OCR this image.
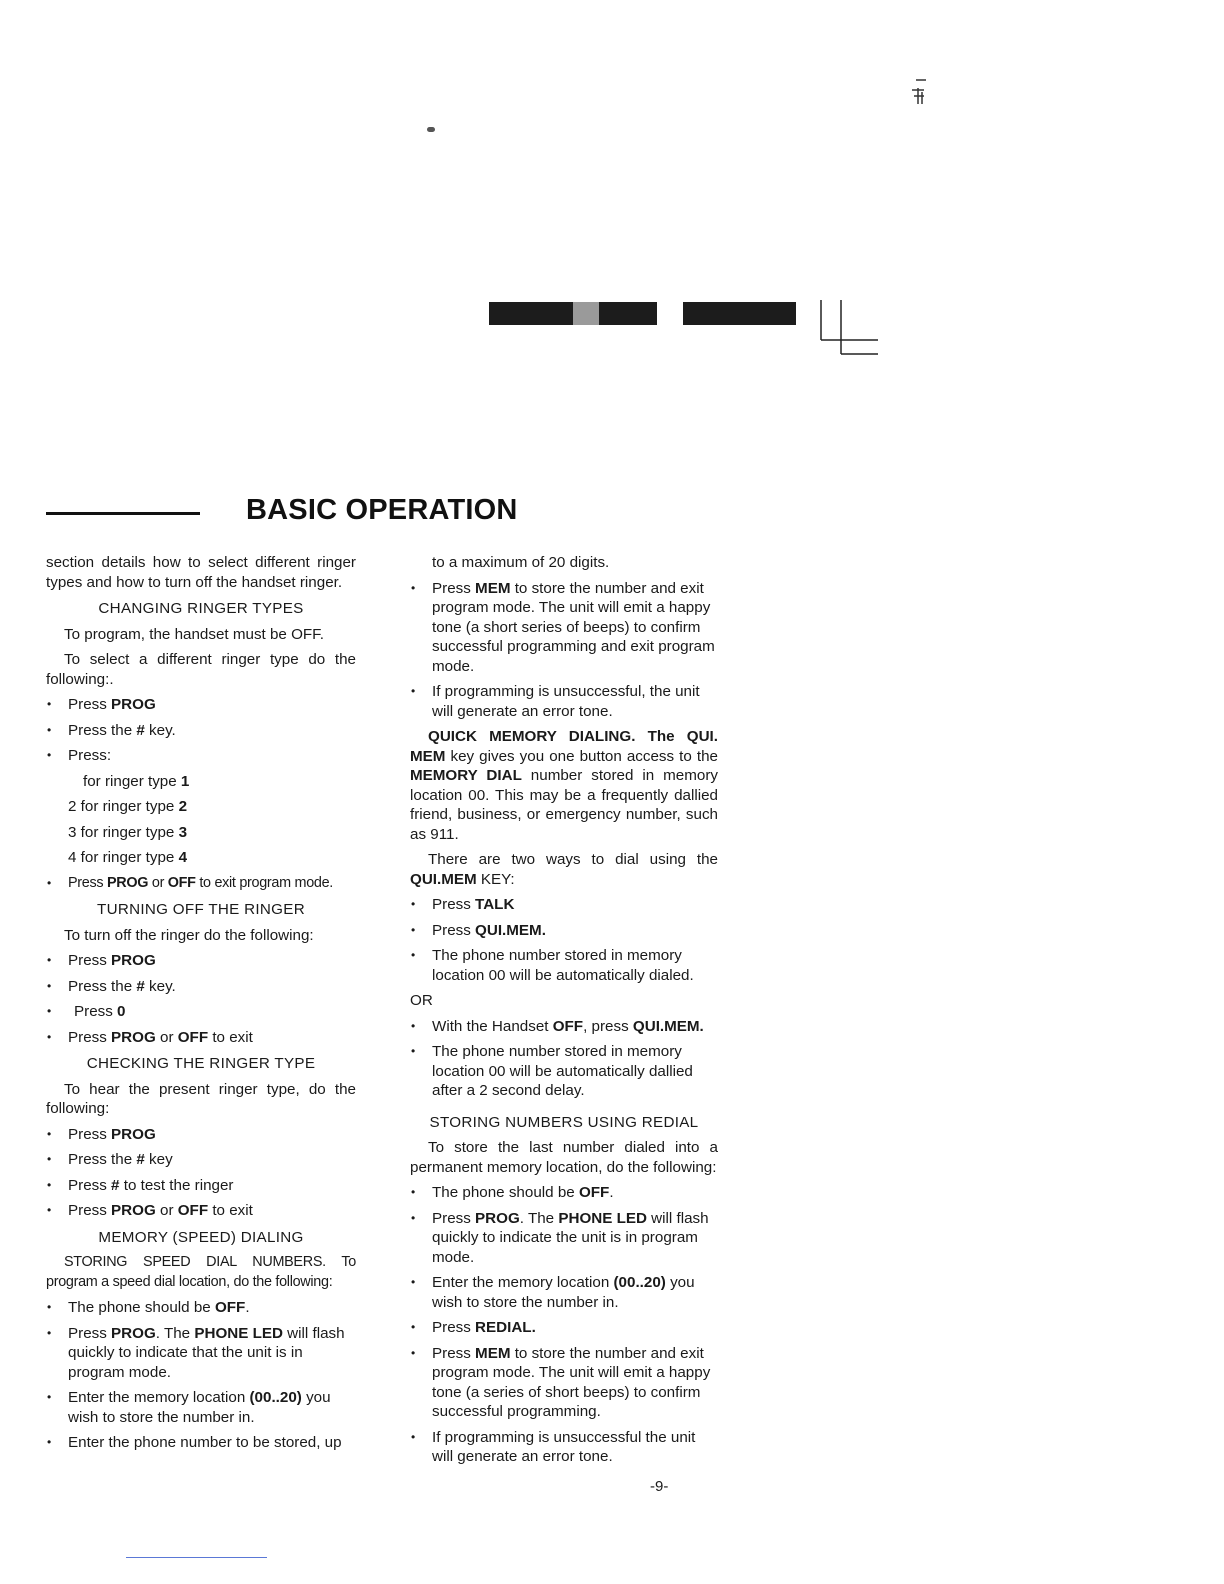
BASIC OPERATION

section details how to select different ringer types and how to turn off the handset ringer.

CHANGING RINGER TYPES

To program, the handset must be OFF.

To select a different ringer type do the following:.

• Press PROG

• Press the # key.

• Press:

for ringer type 1

2 for ringer type 2

3 for ringer type 3

4 for ringer type 4

• Press PROG or OFF to exit program mode.

TURNING OFF THE RINGER

To turn off the ringer do the following:

• Press PROG

• Press the # key.

• Press 0

• Press PROG or OFF to exit

CHECKING THE RINGER TYPE

To hear the present ringer type, do the following:

• Press PROG

• Press the # key

• Press # to test the ringer

• Press PROG or OFF to exit

MEMORY (SPEED) DIALING

STORING SPEED DIAL NUMBERS. To program a speed dial location, do the following:

• The phone should be OFF.

• Press PROG. The PHONE LED will flash quickly to indicate that the unit is in program mode.

• Enter the memory location (00..20) you wish to store the number in.

• Enter the phone number to be stored, up

to a maximum of 20 digits.

• Press MEM to store the number and exit program mode. The unit will emit a happy tone (a short series of beeps) to confirm successful programming and exit program mode.

• If programming is unsuccessful, the unit will generate an error tone.

QUICK MEMORY DIALING. The QUI. MEM key gives you one button access to the MEMORY DIAL number stored in memory location 00. This may be a frequently dallied friend, business, or emergency number, such as 911.

There are two ways to dial using the QUI.MEM KEY:

• Press TALK

• Press QUI.MEM.

• The phone number stored in memory location 00 will be automatically dialed.

OR

• With the Handset OFF, press QUI.MEM.

• The phone number stored in memory location 00 will be automatically dallied after a 2 second delay.

STORING NUMBERS USING REDIAL

To store the last number dialed into a permanent memory location, do the following:

• The phone should be OFF.

• Press PROG. The PHONE LED will flash quickly to indicate the unit is in program mode.

• Enter the memory location (00..20) you wish to store the number in.

• Press REDIAL.

• Press MEM to store the number and exit program mode. The unit will emit a happy tone (a series of short beeps) to confirm successful programming.

• If programming is unsuccessful the unit will generate an error tone.

-9-
